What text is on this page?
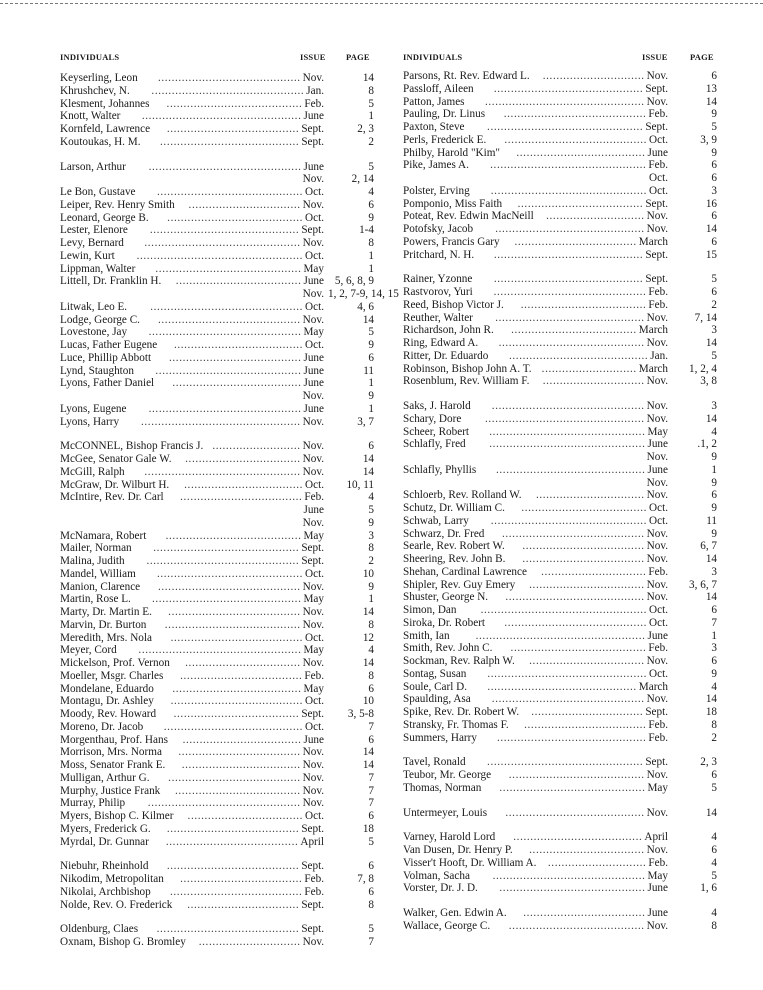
INDIVIDUALS	ISSUE PAGE	INDIVIDUALS	ISSUE	PAGE
Keyserling, Leon	Nov.	14
..........................................
Khrushchev, N.	Jan.	8
.............................................
Klesment, Johannes	Feb.	5
........................................
Knott, Walter	June	1
...............................................
Kornfeld, Lawrence	Sept.	2, 3
.......................................
Koutoukas, H. M.	Sept.	2
.........................................
Larson, Arthur	June	5
.............................................
Nov. 2, 14
Le Bon, Gustave	Oct.	4
...........................................
Leiper, Rev. Henry Smith	Nov.	6
.................................
Leonard, George B.	Oct.	9
........................................
Lester, Elenore	Sept.	1-4
............................................
Levy, Bernard	Nov.	8
..............................................
Lewin, Kurt	Oct.	1
.................................................
Lippman, Walter	May	1
...........................................
Littell, Dr. Franklin H.	June 5, 6, 8, 9
.....................................
Nov. 1, 2, 7-9, 14, 15
Litwak, Leo E.	Oct.	4, 6
.............................................
Lodge, George C.	Nov.	14
..........................................
Lovestone, Jay	May	5
.............................................
Lucas, Father Eugene	Oct.	9
......................................
Luce, Phillip Abbott	June	6
.......................................
Lynd, Staughton	June	11
...........................................
Lyons, Father Daniel	June	1
......................................
Nov.	9
Lyons, Eugene	June	1
.............................................
Lyons, Harry	Nov.	3, 7
...............................................
McCONNEL, Bishop Francis J.	Nov.	6
..........................
McGee, Senator Gale W.	Nov.	14
..................................
McGill, Ralph	Nov.	14
..............................................
McGraw, Dr. Wilburt H.	Oct. 10, 11
...................................
McIntire, Rev. Dr. Carl	Feb.	4
....................................
June	5
Nov.	9
McNamara, Robert	May	3
........................................
Mailer, Norman	Sept.	8
...........................................
Malina, Judith	Sept.	2
.............................................
Mandel, William	Oct.	10
...........................................
Manion, Clarence	Nov.	9
..........................................
Martin, Rose L.	May	1
............................................
Marty, Dr. Martin E.	Nov.	14
.......................................
Marvin, Dr. Burton	Nov.	8
........................................
Meredith, Mrs. Nola	Oct.	12
.......................................
Meyer, Cord	May	4
................................................
Mickelson, Prof. Vernon	Nov.	14
..................................
Moeller, Msgr. Charles	Feb.	8
....................................
Mondelane, Eduardo	May	6
......................................
Montagu, Dr. Ashley	Oct.	10
.......................................
Moody, Rev. Howard	Sept. 3, 5-8
.....................................
Moreno, Dr. Jacob	Oct.	7
.........................................
Morgenthau, Prof. Hans	June	6
...................................
Morrison, Mrs. Norma	Nov.	14
....................................
Moss, Senator Frank E.	Nov.	14
...................................
Mulligan, Arthur G.	Nov.	7
.......................................
Murphy, Justice Frank	Nov.	7
.....................................
Murray, Philip	Nov.	7
.............................................
Myers, Bishop C. Kilmer	Oct.	6
..................................
Myers, Frederick G.	Sept.	18
.......................................
Myrdal, Dr. Gunnar	April	5
.......................................
Niebuhr, Rheinhold	Sept.	6
.......................................
Nikodim, Metropolitan	Feb.	7, 8
....................................
Nikolai, Archbishop	Feb.	6
.......................................
Nolde, Rev. O. Frederick	Sept.	8
.................................
Oldenburg, Claes	Sept.	5
..........................................
Oxnam, Bishop G. Bromley	Nov.	7
..............................
Parsons, Rt. Rev. Edward L.	Nov.	6
..............................
Passloff, Aileen	Sept.	13
............................................
Patton, James	Nov.	14
...............................................
Pauling, Dr. Linus	Feb.	9
..........................................
Paxton, Steve	Sept.	5
..............................................
Perls, Frederick E.	Oct.	3, 9
..........................................
Philby, Harold "Kim"	June	9
......................................
Pike, James A.	Feb.	6
..............................................
Oct.	6
Polster, Erving	Oct.	3
..............................................
Pomponio, Miss Faith	Sept.	16
.....................................
Poteat, Rev. Edwin MacNeill	Nov.	6
.............................
Potofsky, Jacob	Nov.	14
............................................
Powers, Francis Gary	March	6
....................................
Pritchard, N. H.	Sept.	15
............................................
Rainer, Yzonne	Sept.	5
............................................
Rastvorov, Yuri	Feb.	6
.............................................
Reed, Bishop Victor J.	Feb.	2
.....................................
Reuther, Walter	Nov. 7, 14
............................................
Richardson, John R.	March	3
.....................................
Ring, Edward A.	Nov.	14
...........................................
Ritter, Dr. Eduardo	Jan.	5
.........................................
Robinson, Bishop John A. T.	March 1, 2, 4
............................
Rosenblum, Rev. William F.	Nov.	3, 8
..............................
Saks, J. Harold	Nov.	3
.............................................
Schary, Dore	Nov.	14
...............................................
Scheer, Robert	May	4
..............................................
Schlafly, Fred	June	.1, 2
..............................................
Nov.	9
Schlafly, Phyllis	June	1
............................................
Nov.	9
Schloerb, Rev. Rolland W.	Nov.	6
................................
Schutz, Dr. William C.	Oct.	9
.....................................
Schwab, Larry	Oct.	11
..............................................
Schwarz, Dr. Fred	Nov.	9
..........................................
Searle, Rev. Robert W.	Nov.	6, 7
....................................
Sheering, Rev. John B.	Nov.	14
....................................
Shehan, Cardinal Lawrence	Feb.	3
...............................
Shipler, Rev. Guy Emery	Nov. 3, 6, 7
..................................
Shuster, George N.	Nov.	14
.........................................
Simon, Dan	Oct.	6
.................................................
Siroka, Dr. Robert	Oct.	7
..........................................
Smith, Ian	June	1
..................................................
Smith, Rev. John C.	Feb.	3
........................................
Sockman, Rev. Ralph W.	Nov.	6
..................................
Sontag, Susan	Oct.	9
...............................................
Soule, Carl D.	March	4
............................................
Spaulding, Asa	Nov.	14
.............................................
Spike, Rev. Dr. Robert W.	Sept.	18
.................................
Stransky, Fr. Thomas F.	Feb.	8
....................................
Summers, Harry	Feb.	2
............................................
Tavel, Ronald	Sept.	2, 3
..............................................
Teubor, Mr. George	Nov.	6
........................................
Thomas, Norman	May	5
...........................................
Untermeyer, Louis	Nov.	14
.........................................
Varney, Harold Lord	April	4
......................................
Van Dusen, Dr. Henry P.	Nov.	6
..................................
Visser't Hooft, Dr. William A.	Feb.	4
.............................
Volman, Sacha	May	5
.............................................
Vorster, Dr. J. D.	June	1, 6
...........................................
Walker, Gen. Edwin A.	June	4
....................................
Wallace, George C.	Nov.	8
........................................
